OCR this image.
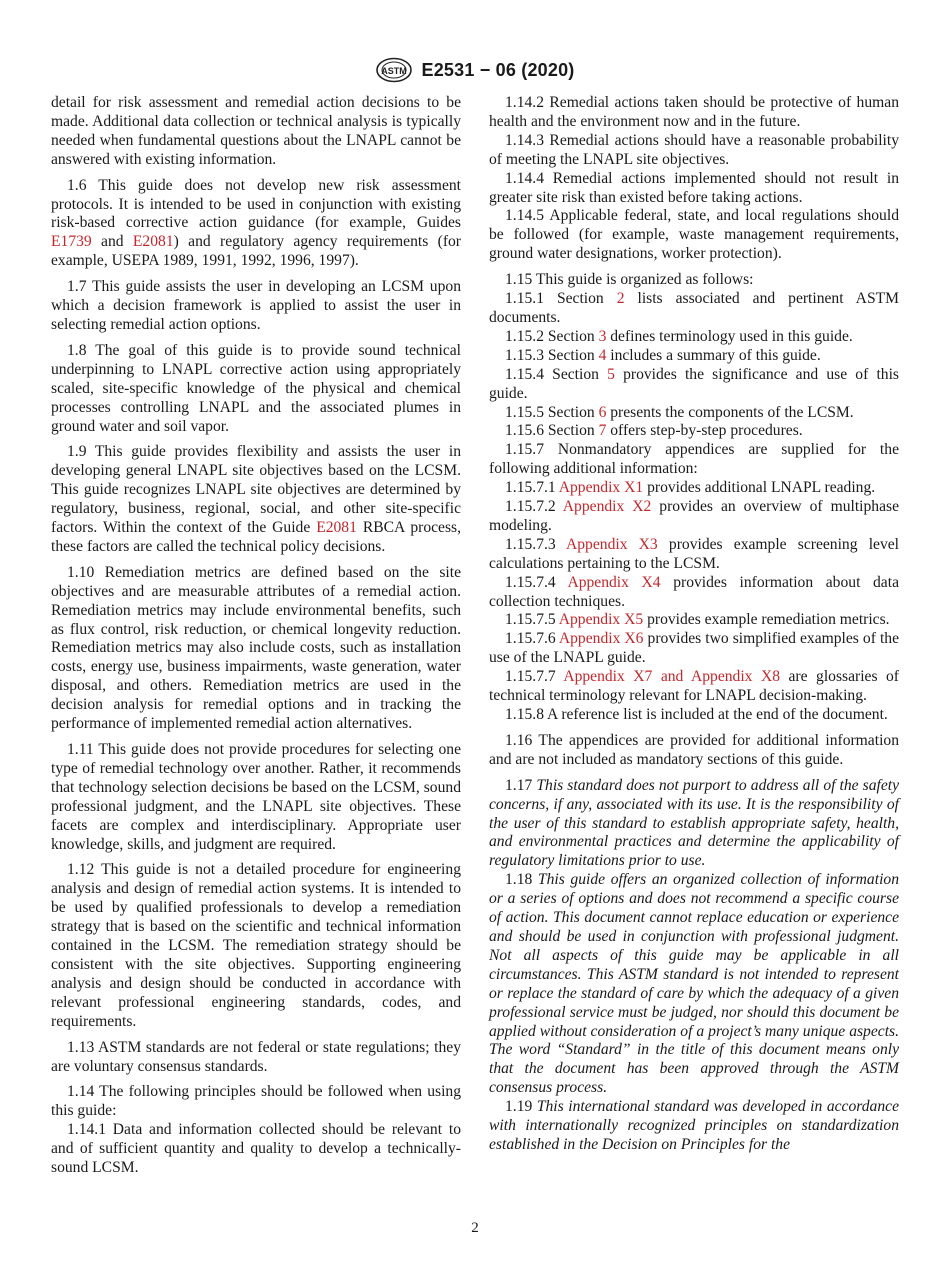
ASTM E2531 − 06 (2020)

detail for risk assessment and remedial action decisions to be made. Additional data collection or technical analysis is typically needed when fundamental questions about the LNAPL cannot be answered with existing information.

1.6 This guide does not develop new risk assessment protocols. It is intended to be used in conjunction with existing risk-based corrective action guidance (for example, Guides E1739 and E2081) and regulatory agency requirements (for example, USEPA 1989, 1991, 1992, 1996, 1997).

1.7 This guide assists the user in developing an LCSM upon which a decision framework is applied to assist the user in selecting remedial action options.

1.8 The goal of this guide is to provide sound technical underpinning to LNAPL corrective action using appropriately scaled, site-specific knowledge of the physical and chemical processes controlling LNAPL and the associated plumes in ground water and soil vapor.

1.9 This guide provides flexibility and assists the user in developing general LNAPL site objectives based on the LCSM. This guide recognizes LNAPL site objectives are determined by regulatory, business, regional, social, and other site-specific factors. Within the context of the Guide E2081 RBCA process, these factors are called the technical policy decisions.

1.10 Remediation metrics are defined based on the site objectives and are measurable attributes of a remedial action. Remediation metrics may include environmental benefits, such as flux control, risk reduction, or chemical longevity reduction. Remediation metrics may also include costs, such as installation costs, energy use, business impairments, waste generation, water disposal, and others. Remediation metrics are used in the decision analysis for remedial options and in tracking the performance of implemented remedial action alternatives.

1.11 This guide does not provide procedures for selecting one type of remedial technology over another. Rather, it recommends that technology selection decisions be based on the LCSM, sound professional judgment, and the LNAPL site objectives. These facets are complex and interdisciplinary. Appropriate user knowledge, skills, and judgment are required.

1.12 This guide is not a detailed procedure for engineering analysis and design of remedial action systems. It is intended to be used by qualified professionals to develop a remediation strategy that is based on the scientific and technical information contained in the LCSM. The remediation strategy should be consistent with the site objectives. Supporting engineering analysis and design should be conducted in accordance with relevant professional engineering standards, codes, and requirements.

1.13 ASTM standards are not federal or state regulations; they are voluntary consensus standards.

1.14 The following principles should be followed when using this guide:

1.14.1 Data and information collected should be relevant to and of sufficient quantity and quality to develop a technically-sound LCSM.

1.14.2 Remedial actions taken should be protective of human health and the environment now and in the future.

1.14.3 Remedial actions should have a reasonable probability of meeting the LNAPL site objectives.

1.14.4 Remedial actions implemented should not result in greater site risk than existed before taking actions.

1.14.5 Applicable federal, state, and local regulations should be followed (for example, waste management requirements, ground water designations, worker protection).

1.15 This guide is organized as follows:

1.15.1 Section 2 lists associated and pertinent ASTM documents.

1.15.2 Section 3 defines terminology used in this guide.

1.15.3 Section 4 includes a summary of this guide.

1.15.4 Section 5 provides the significance and use of this guide.

1.15.5 Section 6 presents the components of the LCSM.

1.15.6 Section 7 offers step-by-step procedures.

1.15.7 Nonmandatory appendices are supplied for the following additional information:

1.15.7.1 Appendix X1 provides additional LNAPL reading.

1.15.7.2 Appendix X2 provides an overview of multiphase modeling.

1.15.7.3 Appendix X3 provides example screening level calculations pertaining to the LCSM.

1.15.7.4 Appendix X4 provides information about data collection techniques.

1.15.7.5 Appendix X5 provides example remediation metrics.

1.15.7.6 Appendix X6 provides two simplified examples of the use of the LNAPL guide.

1.15.7.7 Appendix X7 and Appendix X8 are glossaries of technical terminology relevant for LNAPL decision-making.

1.15.8 A reference list is included at the end of the document.

1.16 The appendices are provided for additional information and are not included as mandatory sections of this guide.

1.17 This standard does not purport to address all of the safety concerns, if any, associated with its use. It is the responsibility of the user of this standard to establish appropriate safety, health, and environmental practices and determine the applicability of regulatory limitations prior to use.

1.18 This guide offers an organized collection of information or a series of options and does not recommend a specific course of action. This document cannot replace education or experience and should be used in conjunction with professional judgment. Not all aspects of this guide may be applicable in all circumstances. This ASTM standard is not intended to represent or replace the standard of care by which the adequacy of a given professional service must be judged, nor should this document be applied without consideration of a project’s many unique aspects. The word “Standard” in the title of this document means only that the document has been approved through the ASTM consensus process.

1.19 This international standard was developed in accordance with internationally recognized principles on standardization established in the Decision on Principles for the

2
